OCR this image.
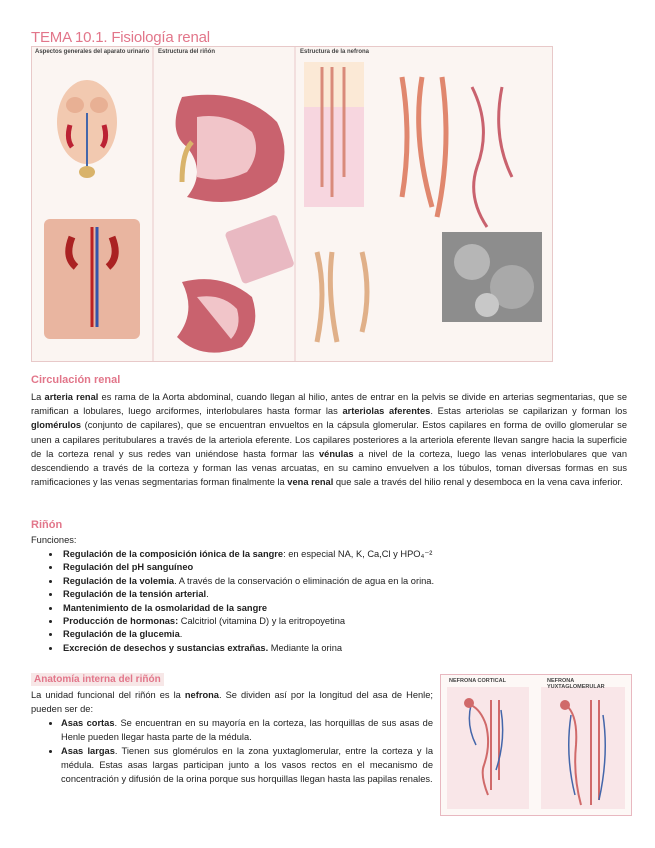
TEMA 10.1. Fisiología renal
Aspectos generales del aparato urinario Estructura del riñón	Estructura de la nefrona
Circulación renal
La arteria renal es rama de la Aorta abdominal, cuando llegan al hilio, antes de entrar en la pelvis se divide en arterias segmentarias, que se ramifican a lobulares, luego arciformes, interlobulares hasta formar las arteriolas aferentes. Estas arteriolas se capilarizan y forman los glomérulos (conjunto de capilares), que se encuentran envueltos en la cápsula glomerular. Estos capilares en forma de ovillo glomerular se unen a capilares peritubulares a través de la arteriola eferente. Los capilares posteriores a la arteriola eferente llevan sangre hacia la superficie de la corteza renal y sus redes van uniéndose hasta formar las vénulas a nivel de la corteza, luego las venas interlobulares que van descendiendo a través de la corteza y forman las venas arcuatas, en su camino envuelven a los túbulos, toman diversas formas en sus ramificaciones y las venas segmentarias forman finalmente la vena renal que sale a través del hilio renal y desemboca en la vena cava inferior.
Riñón
Funciones:
• Regulación de la composición iónica de la sangre: en especial NA, K, Ca,Cl y HPO₄⁻²
• Regulación del pH sanguíneo
• Regulación de la volemia. A través de la conservación o eliminación de agua en la orina.
• Regulación de la tensión arterial.
• Mantenimiento de la osmolaridad de la sangre
• Producción de hormonas: Calcitriol (vitamina D) y la eritropoyetina
• Regulación de la glucemia.
• Excreción de desechos y sustancias extrañas. Mediante la orina
Anatomía interna del riñón
La unidad funcional del riñón es la nefrona. Se dividen así por la longitud del asa de Henle; pueden ser de:
• Asas cortas. Se encuentran en su mayoría en la corteza, las horquillas de sus asas de Henle pueden llegar hasta parte de la médula.
• Asas largas. Tienen sus glomérulos en la zona yuxtaglomerular, entre la corteza y la médula. Estas asas largas participan junto a los vasos rectos en el mecanismo de concentración y difusión de la orina porque sus horquillas llegan hasta las papilas renales.
NEFRONA CORTICAL	NEFRONA YUXTAGLOMERULAR
